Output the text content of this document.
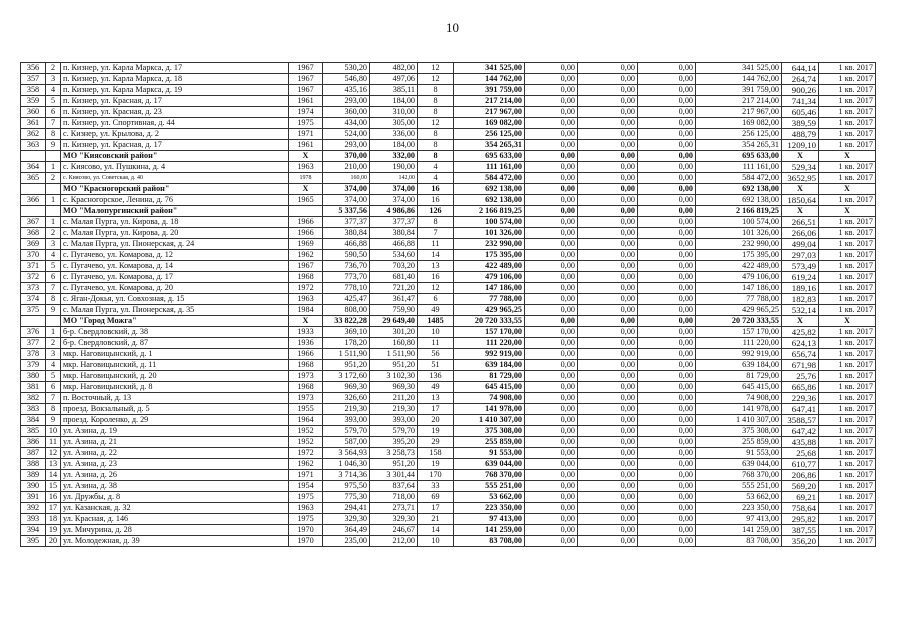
10
356	2	п. Кизнер, ул. Карла Маркса, д. 17	1967	530,20	482,00	12	341 525,00	0,00	0,00	0,00	341 525,00	644,14	1 кв. 2017
357	3	п. Кизнер, ул. Карла Маркса, д. 18	1967	546,80	497,06	12	144 762,00	0,00	0,00	0,00	144 762,00	264,74	1 кв. 2017
358	4	п. Кизнер, ул. Карла Маркса, д. 19	1967	435,16	385,11	8	391 759,00	0,00	0,00	0,00	391 759,00	900,26	1 кв. 2017
359	5	п. Кизнер, ул. Красная, д. 17	1961	293,00	184,00	8	217 214,00	0,00	0,00	0,00	217 214,00	741,34	1 кв. 2017
360	6	п. Кизнер, ул. Красная, д. 23	1974	360,00	310,00	8	217 967,00	0,00	0,00	0,00	217 967,00	605,46	1 кв. 2017
361	7	п. Кизнер, ул. Спортивная, д. 44	1975	434,00	305,00	12	169 082,00	0,00	0,00	0,00	169 082,00	389,59	1 кв. 2017
362	8	с. Кизнер, ул. Крылова, д. 2	1971	524,00	336,00	8	256 125,00	0,00	0,00	0,00	256 125,00	488,79	1 кв. 2017
363	9	п. Кизнер, ул. Красная, д. 17	1961	293,00	184,00	8	354 265,31	0,00	0,00	0,00	354 265,31	1209,10	1 кв. 2017
		МО "Киясовский район"	X	370,00	332,00	8	695 633,00	0,00	0,00	0,00	695 633,00	X	X
364	1	с. Киясово, ул. Пушкина, д. 4	1963	210,00	190,00	4	111 161,00	0,00	0,00	0,00	111 161,00	529,34	1 кв. 2017
365	2	с. Киясово, ул. Советская, д. 40	1978	160,00	142,00	4	584 472,00	0,00	0,00	0,00	584 472,00	3652,95	1 кв. 2017
		МО "Красногорский район"	X	374,00	374,00	16	692 138,00	0,00	0,00	0,00	692 138,00	X	X
366	1	с. Красногорское, Ленина, д. 76	1965	374,00	374,00	16	692 138,00	0,00	0,00	0,00	692 138,00	1850,64	1 кв. 2017
		МО "Малопургинский район"		5 337,56	4 986,86	126	2 166 819,25	0,00	0,00	0,00	2 166 819,25	X	X
367	1	с. Малая Пурга, ул. Кирова, д. 18	1966	377,37	377,37	8	100 574,00	0,00	0,00	0,00	100 574,00	266,51	1 кв. 2017
368	2	с. Малая Пурга, ул. Кирова, д. 20	1966	380,84	380,84	7	101 326,00	0,00	0,00	0,00	101 326,00	266,06	1 кв. 2017
369	3	с. Малая Пурга, ул. Пионерская, д. 24	1969	466,88	466,88	11	232 990,00	0,00	0,00	0,00	232 990,00	499,04	1 кв. 2017
370	4	с. Пугачево, ул. Комарова, д. 12	1962	590,50	534,60	14	175 395,00	0,00	0,00	0,00	175 395,00	297,03	1 кв. 2017
371	5	с. Пугачево, ул. Комарова, д. 14	1967	736,70	703,20	13	422 489,00	0,00	0,00	0,00	422 489,00	573,49	1 кв. 2017
372	6	с. Пугачево, ул. Комарова, д. 17	1968	773,70	681,40	16	479 106,00	0,00	0,00	0,00	479 106,00	619,24	1 кв. 2017
373	7	с. Пугачево, ул. Комарова, д. 20	1972	778,10	721,20	12	147 186,00	0,00	0,00	0,00	147 186,00	189,16	1 кв. 2017
374	8	с. Яган-Докья, ул. Совхозная, д. 15	1963	425,47	361,47	6	77 788,00	0,00	0,00	0,00	77 788,00	182,83	1 кв. 2017
375	9	с. Малая Пурга, ул. Пионерская, д. 35	1984	808,00	759,90	49	429 965,25	0,00	0,00	0,00	429 965,25	532,14	1 кв. 2017
		МО "Город Можга"	X	33 822,28	29 649,40	1485	20 720 333,55	0,00	0,00	0,00	20 720 333,55	X	X
376	1	б-р. Свердловский, д. 38	1933	369,10	301,20	10	157 170,00	0,00	0,00	0,00	157 170,00	425,82	1 кв. 2017
377	2	б-р. Свердловский, д. 87	1936	178,20	160,80	11	111 220,00	0,00	0,00	0,00	111 220,00	624,13	1 кв. 2017
378	3	мкр. Наговицынский, д. 1	1966	1 511,90	1 511,90	56	992 919,00	0,00	0,00	0,00	992 919,00	656,74	1 кв. 2017
379	4	мкр. Наговицынский, д. 11	1968	951,20	951,20	51	639 184,00	0,00	0,00	0,00	639 184,00	671,98	1 кв. 2017
380	5	мкр. Наговицынский, д. 20	1973	3 172,60	3 102,30	136	81 729,00	0,00	0,00	0,00	81 729,00	25,76	1 кв. 2017
381	6	мкр. Наговицынский, д. 8	1968	969,30	969,30	49	645 415,00	0,00	0,00	0,00	645 415,00	665,86	1 кв. 2017
382	7	п. Восточный, д. 13	1973	326,60	211,20	13	74 908,00	0,00	0,00	0,00	74 908,00	229,36	1 кв. 2017
383	8	проезд. Вокзальный, д. 5	1955	219,30	219,30	17	141 978,00	0,00	0,00	0,00	141 978,00	647,41	1 кв. 2017
384	9	проезд. Короленко, д. 29	1964	393,00	393,00	20	1 410 307,00	0,00	0,00	0,00	1 410 307,00	3588,57	1 кв. 2017
385	10	ул. Азина, д. 19	1952	579,70	579,70	19	375 308,00	0,00	0,00	0,00	375 308,00	647,42	1 кв. 2017
386	11	ул. Азина, д. 21	1952	587,00	395,20	29	255 859,00	0,00	0,00	0,00	255 859,00	435,88	1 кв. 2017
387	12	ул. Азина, д. 22	1972	3 564,93	3 258,73	158	91 553,00	0,00	0,00	0,00	91 553,00	25,68	1 кв. 2017
388	13	ул. Азина, д. 23	1962	1 046,30	951,20	19	639 044,00	0,00	0,00	0,00	639 044,00	610,77	1 кв. 2017
389	14	ул. Азина, д. 26	1971	3 714,36	3 301,44	170	768 370,00	0,00	0,00	0,00	768 370,00	206,86	1 кв. 2017
390	15	ул. Азина, д. 38	1954	975,50	837,64	33	555 251,00	0,00	0,00	0,00	555 251,00	569,20	1 кв. 2017
391	16	ул. Дружбы, д. 8	1975	775,30	718,00	69	53 662,00	0,00	0,00	0,00	53 662,00	69,21	1 кв. 2017
392	17	ул. Казанская, д. 32	1963	294,41	273,71	17	223 350,00	0,00	0,00	0,00	223 350,00	758,64	1 кв. 2017
393	18	ул. Красная, д. 146	1975	329,30	329,30	21	97 413,00	0,00	0,00	0,00	97 413,00	295,82	1 кв. 2017
394	19	ул. Мичурина, д. 28	1970	364,49	246,67	14	141 259,00	0,00	0,00	0,00	141 259,00	387,55	1 кв. 2017
395	20	ул. Молодежная, д. 39	1970	235,00	212,00	10	83 708,00	0,00	0,00	0,00	83 708,00	356,20	1 кв. 2017
